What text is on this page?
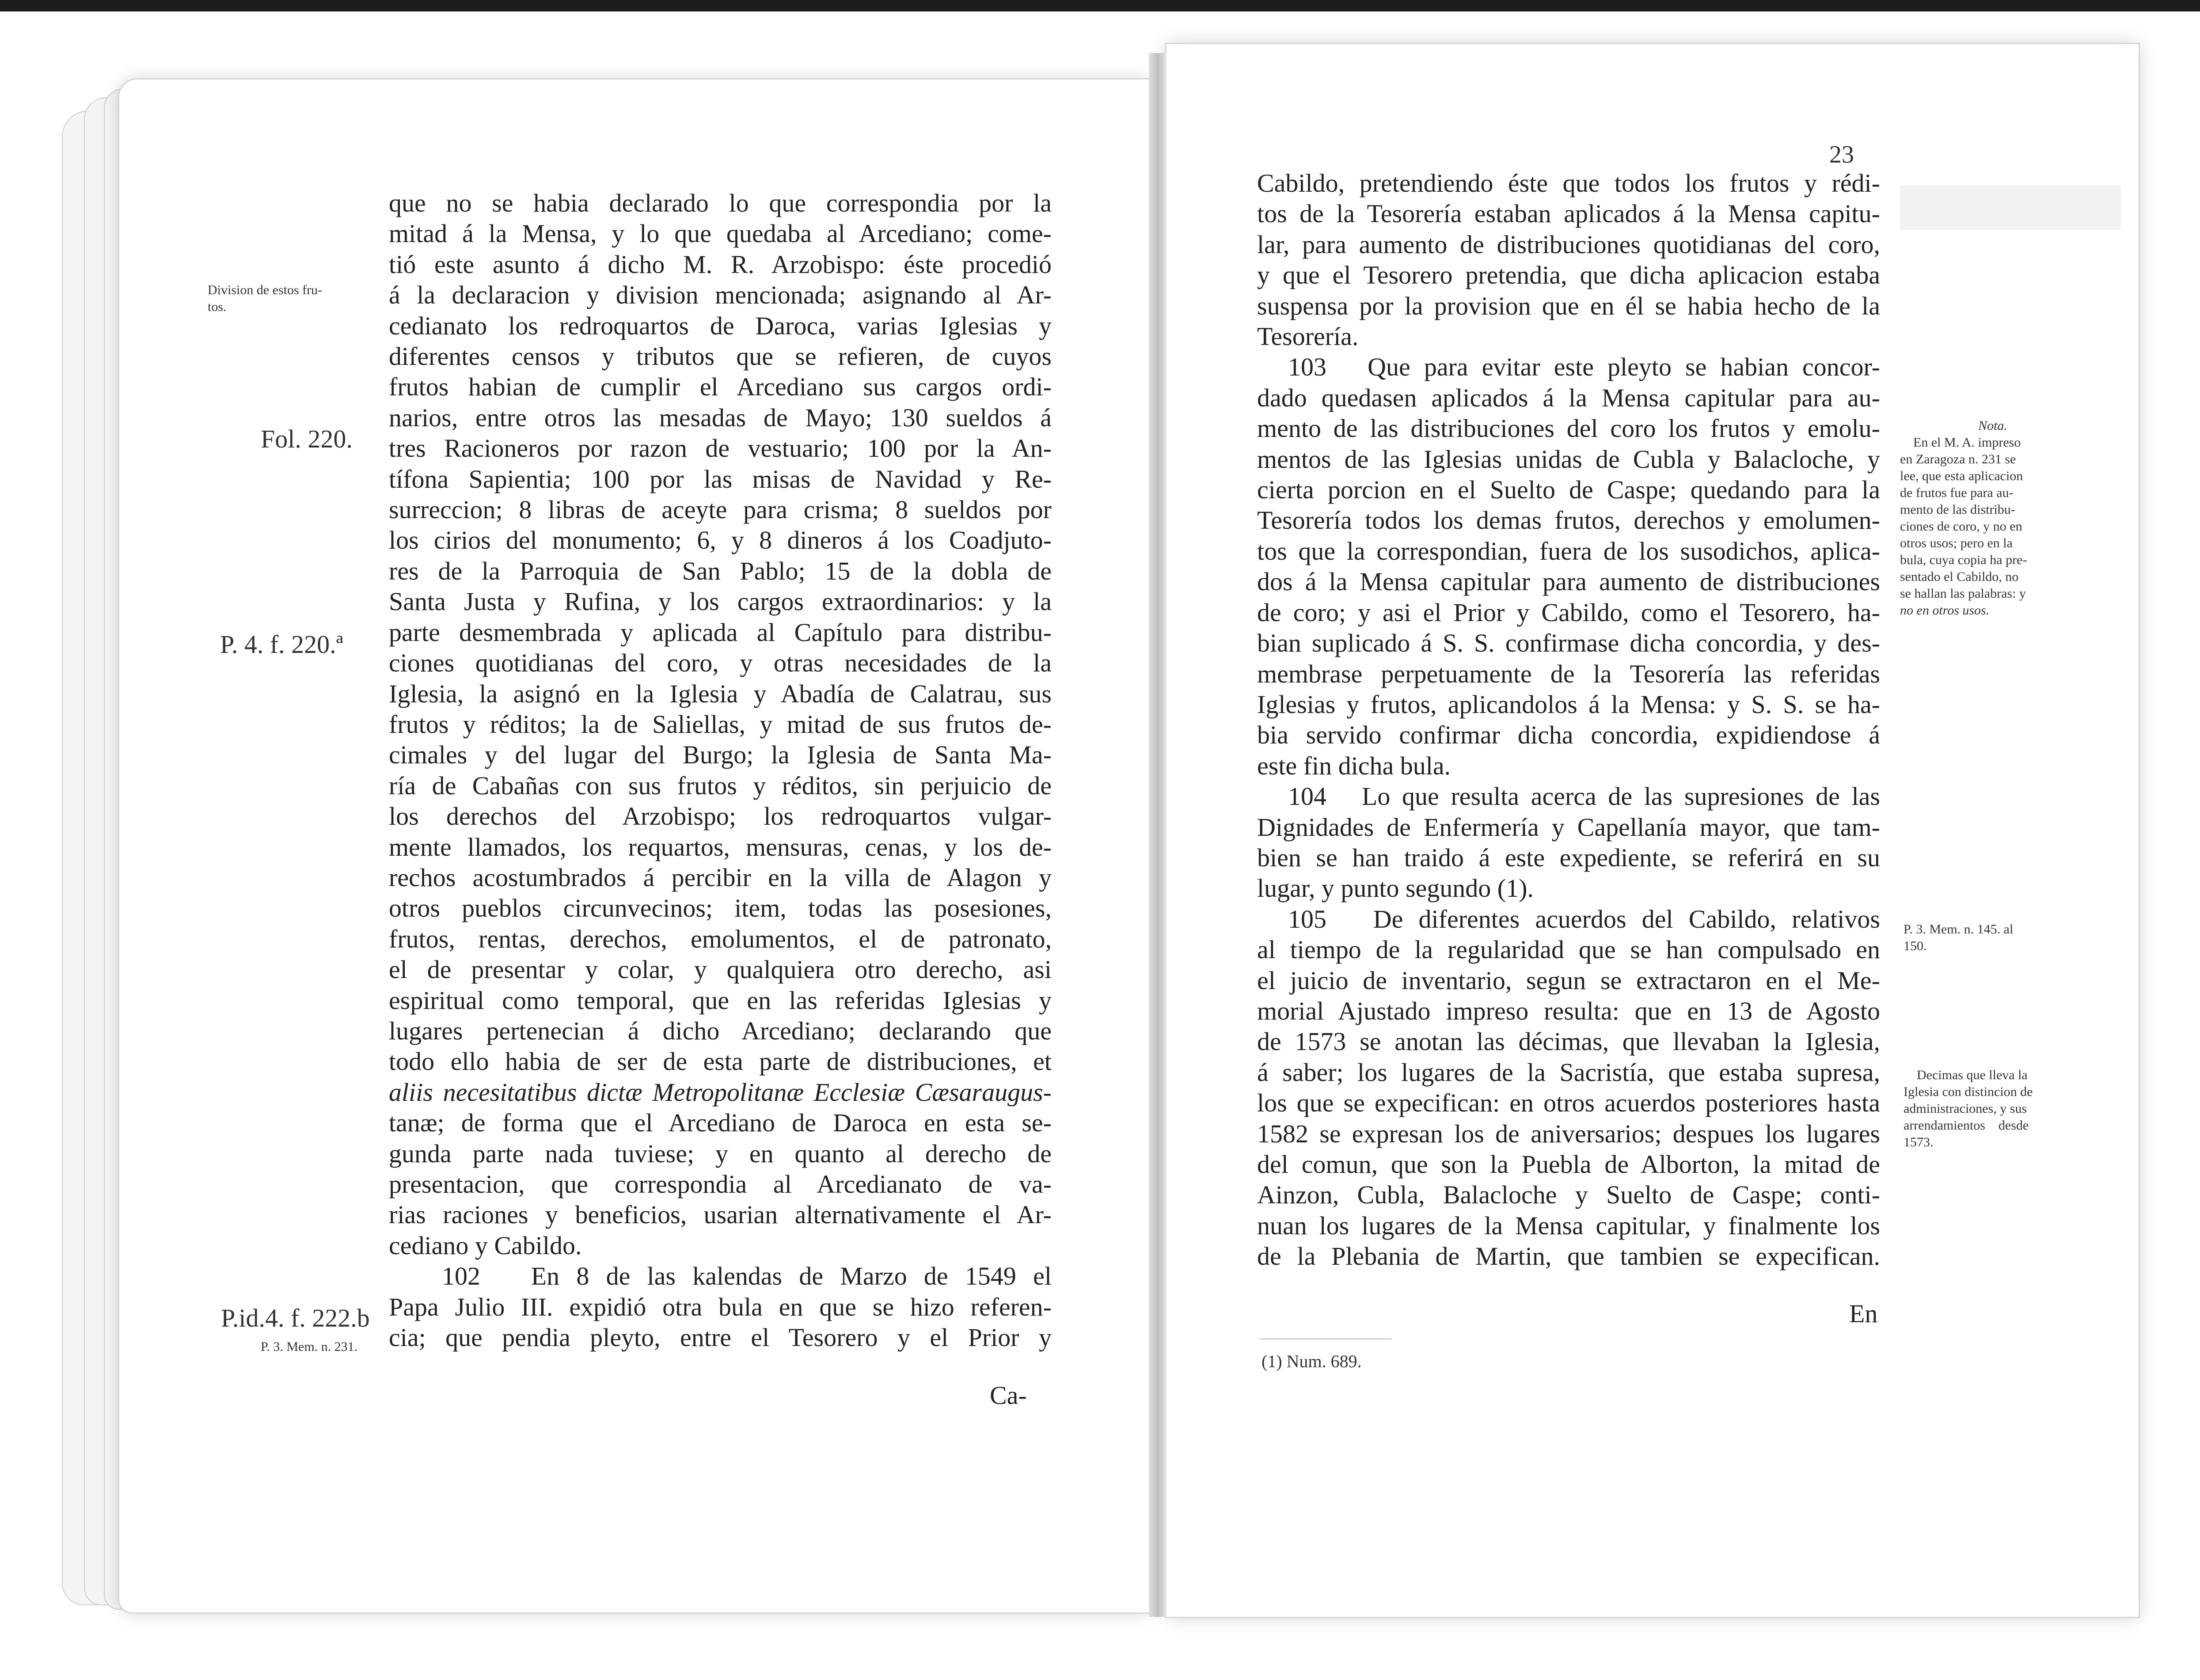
Division de estos fru-
tos.
Fol. 220.
P. 4. f. 220.ª
P.id.4. f. 222.b
P. 3. Mem. n. 231.
que no se habia declarado lo que correspondia por la
mitad á la Mensa, y lo que quedaba al Arcediano; come-
tió este asunto á dicho M. R. Arzobispo: éste procedió
á la declaracion y division mencionada; asignando al Ar-
cedianato los redroquartos de Daroca, varias Iglesias y
diferentes censos y tributos que se refieren, de cuyos
frutos habian de cumplir el Arcediano sus cargos ordi-
narios, entre otros las mesadas de Mayo; 130 sueldos á
tres Racioneros por razon de vestuario; 100 por la An-
tífona Sapientia; 100 por las misas de Navidad y Re-
surreccion; 8 libras de aceyte para crisma; 8 sueldos por
los cirios del monumento; 6, y 8 dineros á los Coadjuto-
res de la Parroquia de San Pablo; 15 de la dobla de
Santa Justa y Rufina, y los cargos extraordinarios: y la
parte desmembrada y aplicada al Capítulo para distribu-
ciones quotidianas del coro, y otras necesidades de la
Iglesia, la asignó en la Iglesia y Abadía de Calatrau, sus
frutos y réditos; la de Saliellas, y mitad de sus frutos de-
cimales y del lugar del Burgo; la Iglesia de Santa Ma-
ría de Cabañas con sus frutos y réditos, sin perjuicio de
los derechos del Arzobispo; los redroquartos vulgar-
mente llamados, los requartos, mensuras, cenas, y los de-
rechos acostumbrados á percibir en la villa de Alagon y
otros pueblos circunvecinos; item, todas las posesiones,
frutos, rentas, derechos, emolumentos, el de patronato,
el de presentar y colar, y qualquiera otro derecho, asi
espiritual como temporal, que en las referidas Iglesias y
lugares pertenecian á dicho Arcediano; declarando que
todo ello habia de ser de esta parte de distribuciones, et
aliis necesitatibus dictæ Metropolitanæ Ecclesiæ Cæsaraugus-
tanæ; de forma que el Arcediano de Daroca en esta se-
gunda parte nada tuviese; y en quanto al derecho de
presentacion, que correspondia al Arcedianato de va-
rias raciones y beneficios, usarian alternativamente el Ar-
cediano y Cabildo.
102   En 8 de las kalendas de Marzo de 1549 el
Papa Julio III. expidió otra bula en que se hizo referen-
cia; que pendia pleyto, entre el Tesorero y el Prior y
Ca-
23
Cabildo, pretendiendo éste que todos los frutos y rédi-
tos de la Tesorería estaban aplicados á la Mensa capitu-
lar, para aumento de distribuciones quotidianas del coro,
y que el Tesorero pretendia, que dicha aplicacion estaba
suspensa por la provision que en él se habia hecho de la
Tesorería.
103   Que para evitar este pleyto se habian concor-
dado quedasen aplicados á la Mensa capitular para au-
mento de las distribuciones del coro los frutos y emolu-
mentos de las Iglesias unidas de Cubla y Balacloche, y
cierta porcion en el Suelto de Caspe; quedando para la
Tesorería todos los demas frutos, derechos y emolumen-
tos que la correspondian, fuera de los susodichos, aplica-
dos á la Mensa capitular para aumento de distribuciones
de coro; y asi el Prior y Cabildo, como el Tesorero, ha-
bian suplicado á S. S. confirmase dicha concordia, y des-
membrase perpetuamente de la Tesorería las referidas
Iglesias y frutos, aplicandolos á la Mensa: y S. S. se ha-
bia servido confirmar dicha concordia, expidiendose á
este fin dicha bula.
104   Lo que resulta acerca de las supresiones de las
Dignidades de Enfermería y Capellanía mayor, que tam-
bien se han traido á este expediente, se referirá en su
lugar, y punto segundo (1).
105   De diferentes acuerdos del Cabildo, relativos
al tiempo de la regularidad que se han compulsado en
el juicio de inventario, segun se extractaron en el Me-
morial Ajustado impreso resulta: que en 13 de Agosto
de 1573 se anotan las décimas, que llevaban la Iglesia,
á saber; los lugares de la Sacristía, que estaba supresa,
los que se expecifican: en otros acuerdos posteriores hasta
1582 se expresan los de aniversarios; despues los lugares
del comun, que son la Puebla de Alborton, la mitad de
Ainzon, Cubla, Balacloche y Suelto de Caspe; conti-
nuan los lugares de la Mensa capitular, y finalmente los
de la Plebania de Martin, que tambien se expecifican.
En
(1) Num. 689.
Nota.
En el M. A. impreso
en Zaragoza n. 231 se
lee, que esta aplicacion
de frutos fue para au-
mento de las distribu-
ciones de coro, y no en
otros usos; pero en la
bula, cuya copia ha pre-
sentado el Cabildo, no
se hallan las palabras: y
no en otros usos.
P. 3. Mem. n. 145. al
150.
Decimas que lleva la
Iglesia con distincion de
administraciones, y sus
arrendamientos    desde
1573.
